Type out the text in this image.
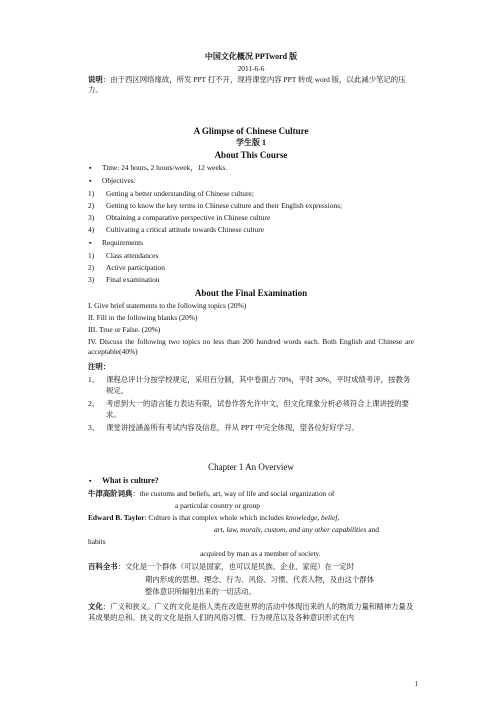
中国文化概况 PPTword 版
2011-6-6
说明：由于西区网络缘故，所发 PPT 打不开，现将课堂内容 PPT 转成 word 版，以此减少笔记的压力。
A Glimpse of Chinese Culture
学生版 1
About This Course
▪ Time: 24 hours, 2 hours/week，12 weeks.
▪ Objectives:
1) Getting a better understanding of Chinese culture;
2) Getting to know the key terms in Chinese culture and their English expressions;
3) Obtaining a comparative perspective in Chinese culture
4) Cultivating a critical attitude towards Chinese culture
▪ Requirements
1) Class attendances
2) Active participation
3) Final examination
About the Final Examination
I. Give brief statements to the following topics (20%)
II. Fill in the following blanks (20%)
III. True or False. (20%)
IV. Discuss the following two topics no less than 200 hundred words each. Both English and Chinese are acceptable(40%)
注明：
1、 课程总评计分按学校规定，采用百分制，其中卷面占 70%，平时 30%，平时成绩考评，按教务规定。
2、 考虑到大一的语言能力表达有限，试卷作答允许中文，但文化现象分析必须符合上课讲授的要求。
3、 课堂讲授涵盖所有考试内容及信息，并从 PPT 中完全体现，望各位好好学习。
Chapter 1 An Overview
▪ What is culture?
牛津高阶词典：the customs and beliefs, art, way of life and social organization of
a particular country or group
Edward B. Taylor: Culture is that complex whole which includes knowledge, belief,
art, law, morals, custom, and any other capabilities and
habits
acquired by man as a member of society.
百科全书：文化是一个群体（可以是国家，也可以是民族、企业、家庭）在一定时
期内形成的思想、理念、行为、风俗、习惯、代表人物，及由这个群体
整体意识所辐射出来的一切活动。
文化：广义和狭义。广义的文化是指人类在改造世界的活动中体现出来的人的物质力量和精神力量及其成果的总和。狭义的文化是指人们的风俗习惯、行为规范以及各种意识形式在内
1
